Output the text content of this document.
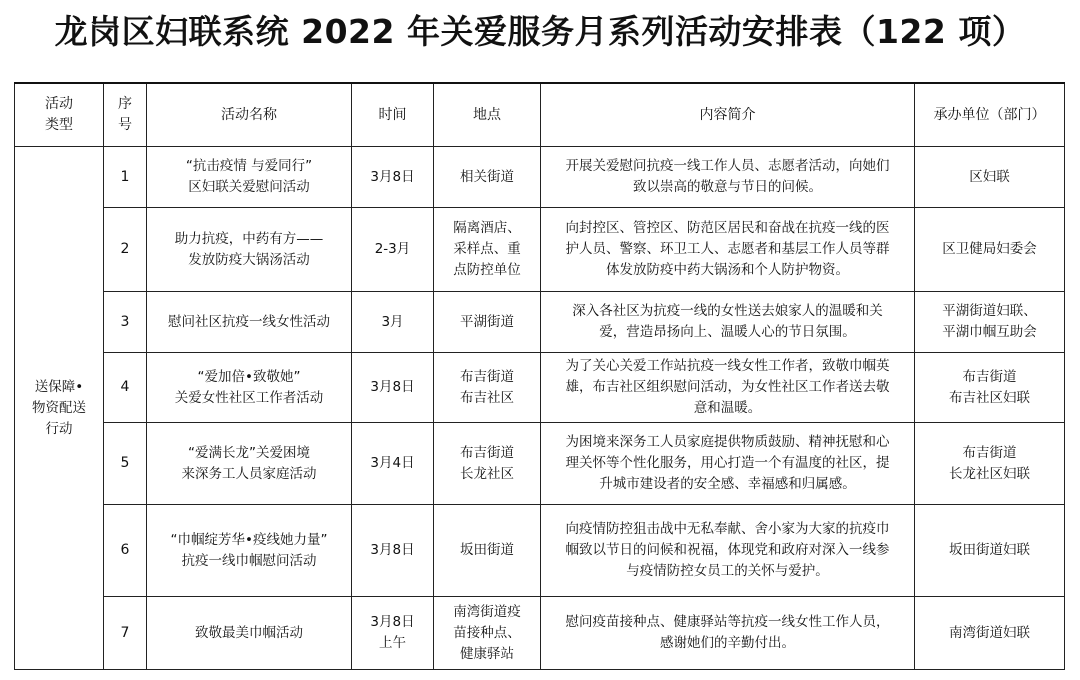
龙岗区妇联系统 2022 年关爱服务月系列活动安排表（122 项）
活动
类型	序
号	活动名称	时间	地点	内容简介	承办单位（部门）

送保障•
物资配送
行动	1	“抗击疫情 与爱同行”
区妇联关爱慰问活动	3月8日	相关街道	开展关爱慰问抗疫一线工作人员、志愿者活动，向她们
致以崇高的敬意与节日的问候。	区妇联

	2	助力抗疫，中药有方——
发放防疫大锅汤活动	2-3月	隔离酒店、
采样点、重
点防控单位	向封控区、管控区、防范区居民和奋战在抗疫一线的医
护人员、警察、环卫工人、志愿者和基层工作人员等群
体发放防疫中药大锅汤和个人防护物资。	区卫健局妇委会

	3	慰问社区抗疫一线女性活动	3月	平湖街道	深入各社区为抗疫一线的女性送去娘家人的温暖和关
爱，营造昂扬向上、温暖人心的节日氛围。	平湖街道妇联、
平湖巾帼互助会

	4	“爱加倍•致敬她”
关爱女性社区工作者活动	3月8日	布吉街道
布吉社区	为了关心关爱工作站抗疫一线女性工作者，致敬巾帼英
雄，布吉社区组织慰问活动，为女性社区工作者送去敬
意和温暖。	布吉街道
布吉社区妇联

	5	“爱满长龙”关爱困境
来深务工人员家庭活动	3月4日	布吉街道
长龙社区	为困境来深务工人员家庭提供物质鼓励、精神抚慰和心
理关怀等个性化服务，用心打造一个有温度的社区，提
升城市建设者的安全感、幸福感和归属感。	布吉街道
长龙社区妇联

	6	“巾帼绽芳华•疫线她力量”
抗疫一线巾帼慰问活动	3月8日	坂田街道	向疫情防控狙击战中无私奉献、舍小家为大家的抗疫巾
帼致以节日的问候和祝福，体现党和政府对深入一线参
与疫情防控女员工的关怀与爱护。	坂田街道妇联

	7	致敬最美巾帼活动	3月8日
上午	南湾街道疫
苗接种点、
健康驿站	慰问疫苗接种点、健康驿站等抗疫一线女性工作人员，
感谢她们的辛勤付出。	南湾街道妇联
